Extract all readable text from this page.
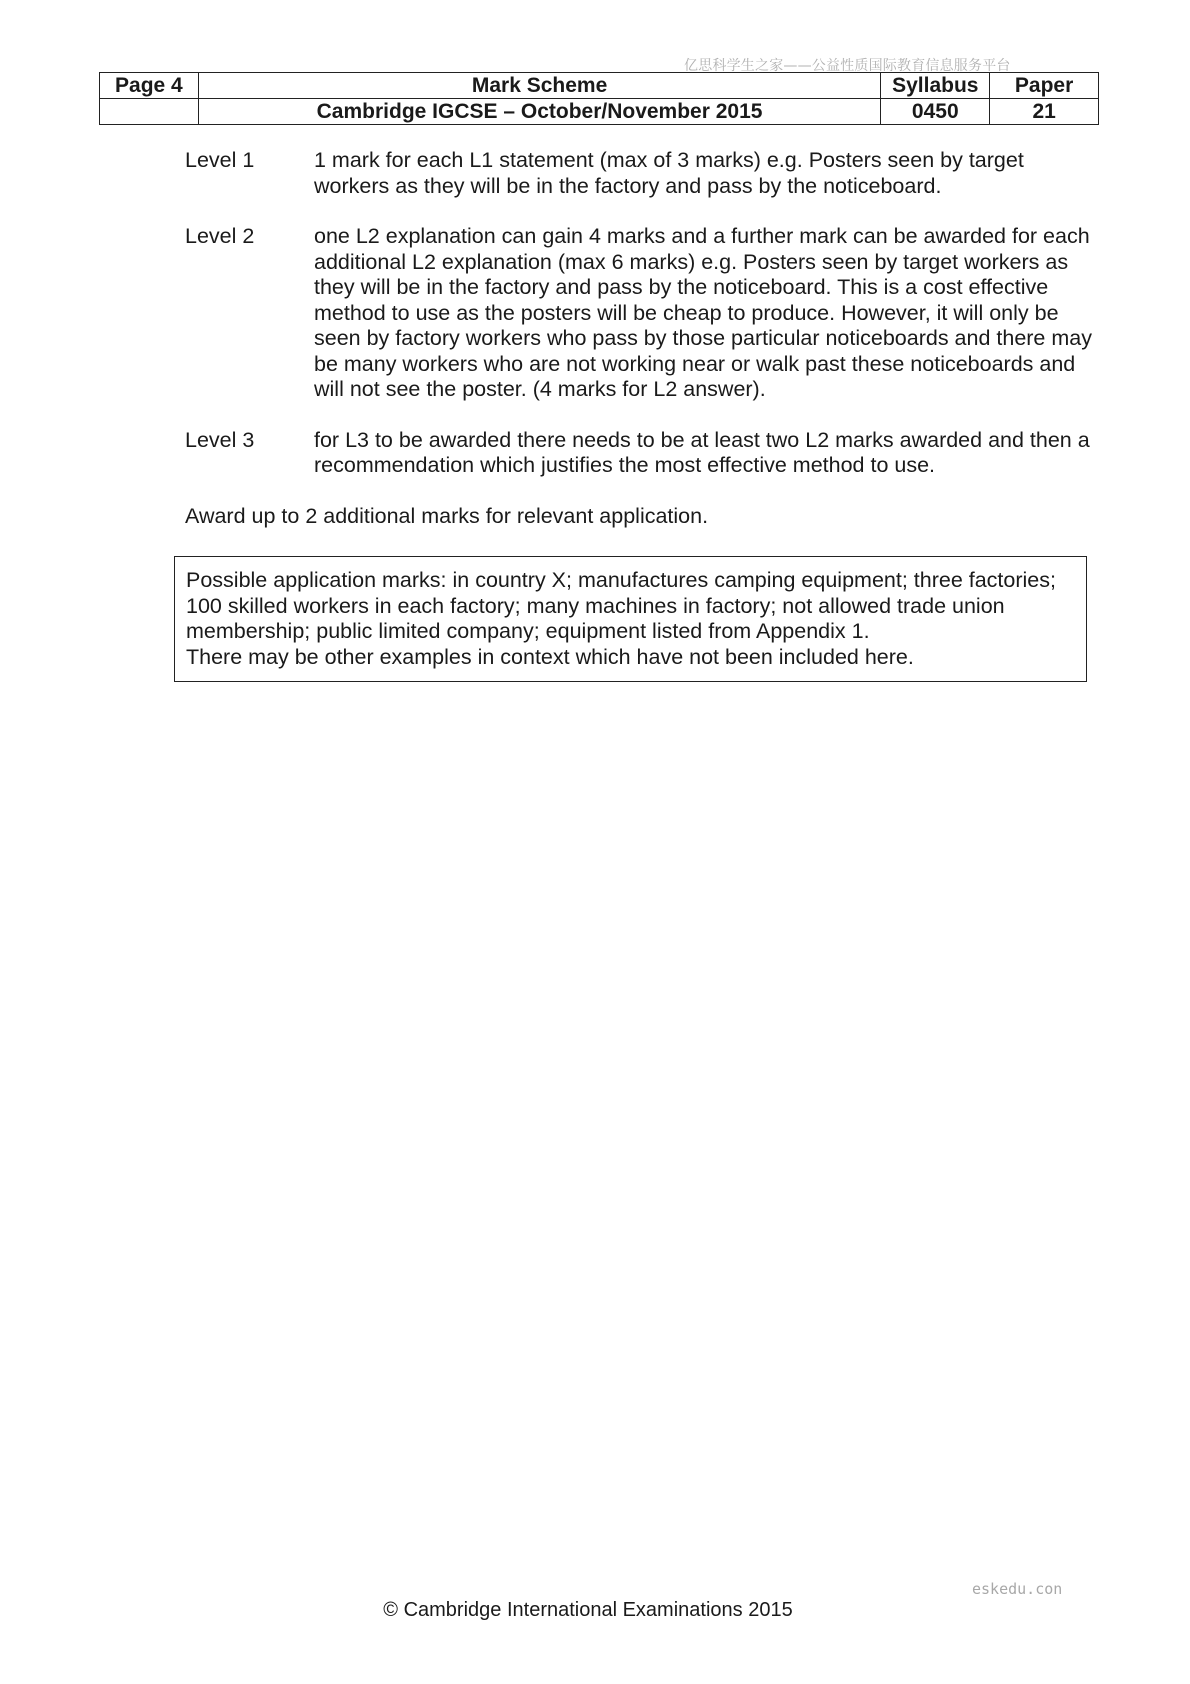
亿思科学生之家——公益性质国际教育信息服务平台
Page 4	Mark Scheme	Syllabus	Paper
	Cambridge IGCSE – October/November 2015	0450	21
Level 1	1 mark for each L1 statement (max of 3 marks) e.g. Posters seen by target workers as they will be in the factory and pass by the noticeboard.
Level 2	one L2 explanation can gain 4 marks and a further mark can be awarded for each additional L2 explanation (max 6 marks) e.g. Posters seen by target workers as they will be in the factory and pass by the noticeboard. This is a cost effective method to use as the posters will be cheap to produce. However, it will only be seen by factory workers who pass by those particular noticeboards and there may be many workers who are not working near or walk past these noticeboards and will not see the poster. (4 marks for L2 answer).
Level 3	for L3 to be awarded there needs to be at least two L2 marks awarded and then a recommendation which justifies the most effective method to use.
Award up to 2 additional marks for relevant application.
Possible application marks: in country X; manufactures camping equipment; three factories; 100 skilled workers in each factory; many machines in factory; not allowed trade union membership; public limited company; equipment listed from Appendix 1.
There may be other examples in context which have not been included here.
eskedu.con
© Cambridge International Examinations 2015
